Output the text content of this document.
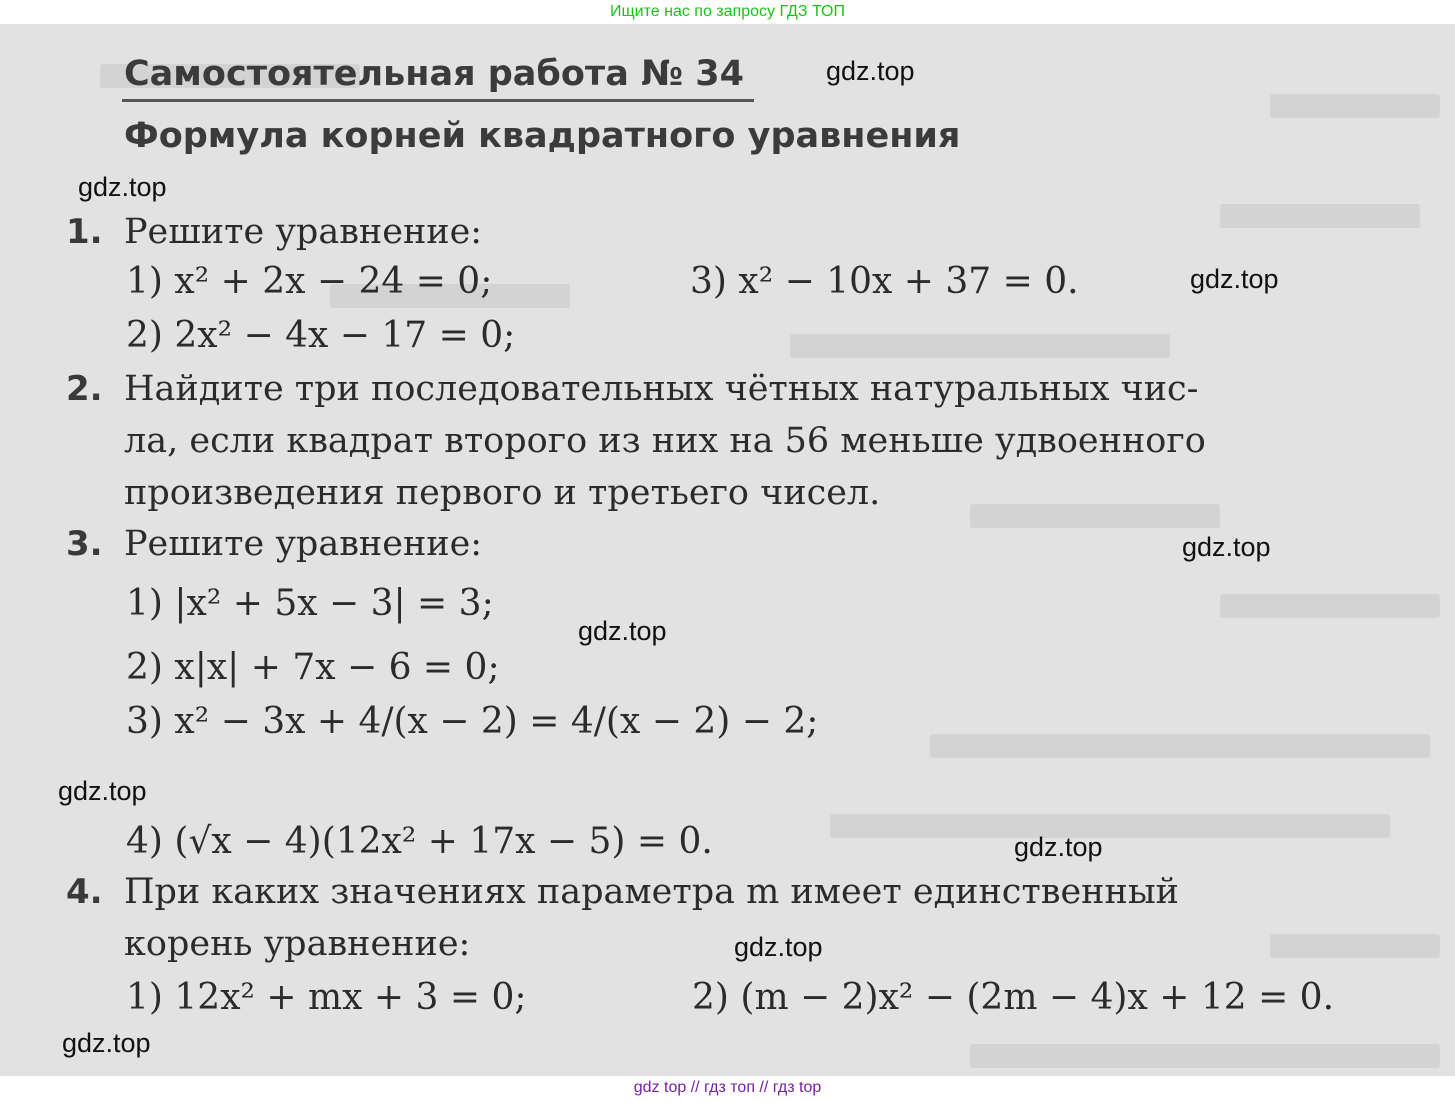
Ищите нас по запросу ГДЗ ТОП
Самостоятельная работа № 34
Формула корней квадратного уравнения
1. Решите уравнение:
1) x² + 2x − 24 = 0;	3) x² − 10x + 37 = 0.
2) 2x² − 4x − 17 = 0;
2. Найдите три последовательных чётных натуральных чис-
ла, если квадрат второго из них на 56 меньше удвоенного
произведения первого и третьего чисел.
3. Решите уравнение:
1) |x² + 5x − 3| = 3;
2) x|x| + 7x − 6 = 0;
3) x² − 3x + 4/(x − 2) = 4/(x − 2) − 2;
4) (√x − 4)(12x² + 17x − 5) = 0.
4. При каких значениях параметра m имеет единственный
корень уравнение:
1) 12x² + mx + 3 = 0;	2) (m − 2)x² − (2m − 4)x + 12 = 0.
gdz.top
gdz.top
gdz.top
gdz.top
gdz.top
gdz.top
gdz.top
gdz.top
gdz.top
gdz top // гдз топ // гдз top
